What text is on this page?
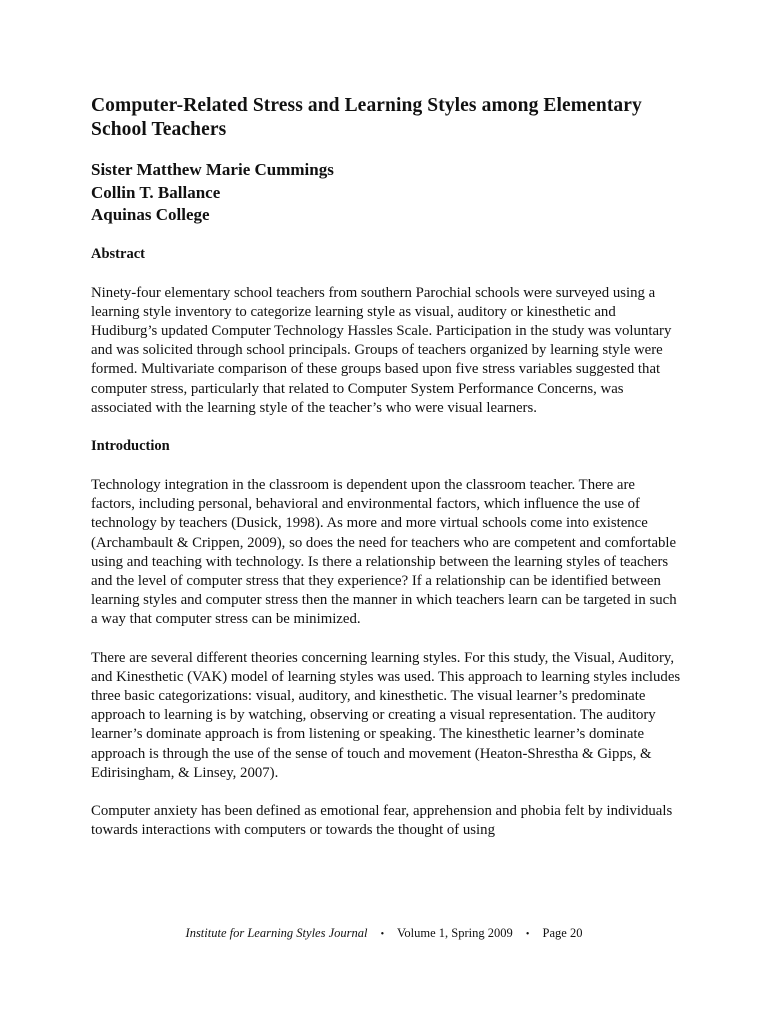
Computer-Related Stress and Learning Styles among Elementary School Teachers
Sister Matthew Marie Cummings
Collin T. Ballance
Aquinas College
Abstract

Ninety-four elementary school teachers from southern Parochial schools were surveyed using a learning style inventory to categorize learning style as visual, auditory or kinesthetic and Hudiburg’s updated Computer Technology Hassles Scale. Participation in the study was voluntary and was solicited through school principals. Groups of teachers organized by learning style were formed. Multivariate comparison of these groups based upon five stress variables suggested that computer stress, particularly that related to Computer System Performance Concerns, was associated with the learning style of the teacher’s who were visual learners.

Introduction

Technology integration in the classroom is dependent upon the classroom teacher. There are factors, including personal, behavioral and environmental factors, which influence the use of technology by teachers (Dusick, 1998). As more and more virtual schools come into existence (Archambault & Crippen, 2009), so does the need for teachers who are competent and comfortable using and teaching with technology. Is there a relationship between the learning styles of teachers and the level of computer stress that they experience? If a relationship can be identified between learning styles and computer stress then the manner in which teachers learn can be targeted in such a way that computer stress can be minimized.

There are several different theories concerning learning styles. For this study, the Visual, Auditory, and Kinesthetic (VAK) model of learning styles was used. This approach to learning styles includes three basic categorizations: visual, auditory, and kinesthetic. The visual learner’s predominate approach to learning is by watching, observing or creating a visual representation. The auditory learner’s dominate approach is from listening or speaking. The kinesthetic learner’s dominate approach is through the use of the sense of touch and movement (Heaton-Shrestha & Gipps, & Edirisingham, & Linsey, 2007).

Computer anxiety has been defined as emotional fear, apprehension and phobia felt by individuals towards interactions with computers or towards the thought of using

Institute for Learning Styles Journal • Volume 1, Spring 2009 • Page 20
